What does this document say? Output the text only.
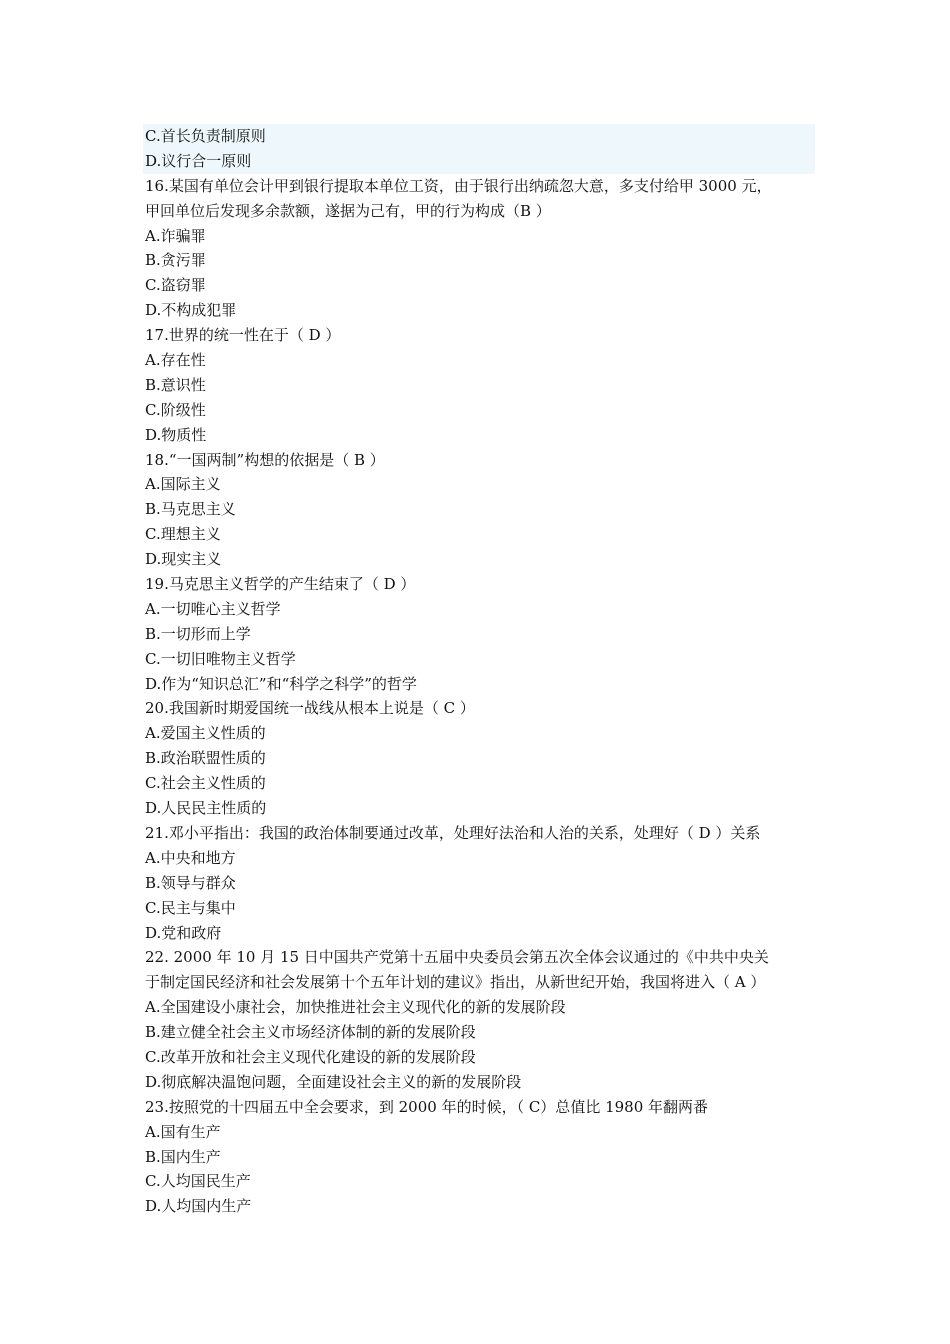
C.首长负责制原则
D.议行合一原则
16.某国有单位会计甲到银行提取本单位工资，由于银行出纳疏忽大意，多支付给甲 3000 元，
甲回单位后发现多余款额，遂据为己有，甲的行为构成（B ）
A.诈骗罪
B.贪污罪
C.盗窃罪
D.不构成犯罪
17.世界的统一性在于（ D ）
A.存在性
B.意识性
C.阶级性
D.物质性
18.“一国两制”构想的依据是（ B ）
A.国际主义
B.马克思主义
C.理想主义
D.现实主义
19.马克思主义哲学的产生结束了（ D ）
A.一切唯心主义哲学
B.一切形而上学
C.一切旧唯物主义哲学
D.作为“知识总汇”和“科学之科学”的哲学
20.我国新时期爱国统一战线从根本上说是（ C ）
A.爱国主义性质的
B.政治联盟性质的
C.社会主义性质的
D.人民民主性质的
21.邓小平指出：我国的政治体制要通过改革，处理好法治和人治的关系，处理好（ D ）关系
A.中央和地方
B.领导与群众
C.民主与集中
D.党和政府
22. 2000 年 10 月 15 日中国共产党第十五届中央委员会第五次全体会议通过的《中共中央关
于制定国民经济和社会发展第十个五年计划的建议》指出，从新世纪开始，我国将进入（ A ）
A.全国建设小康社会，加快推进社会主义现代化的新的发展阶段
B.建立健全社会主义市场经济体制的新的发展阶段
C.改革开放和社会主义现代化建设的新的发展阶段
D.彻底解决温饱问题，全面建设社会主义的新的发展阶段
23.按照党的十四届五中全会要求，到 2000 年的时候，（ C）总值比 1980 年翻两番
A.国有生产
B.国内生产
C.人均国民生产
D.人均国内生产
